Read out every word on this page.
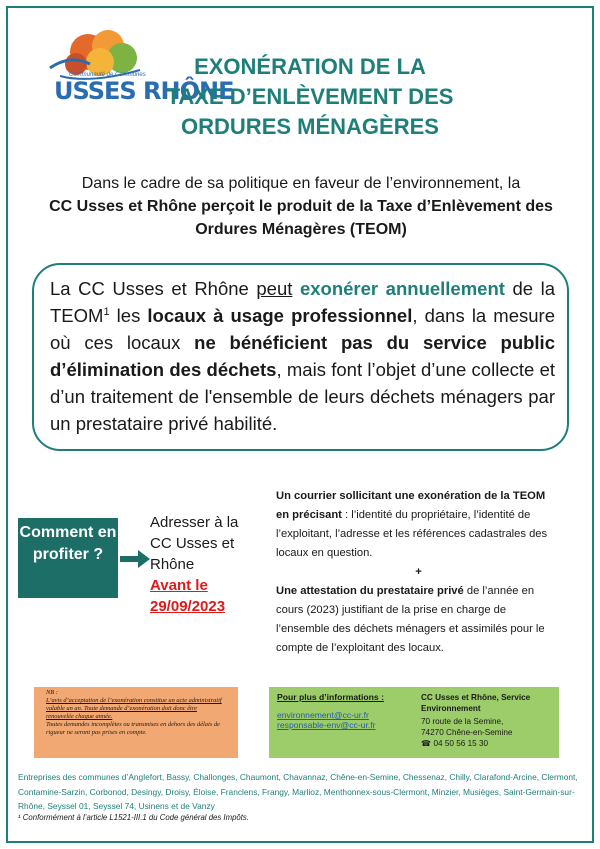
Communauté de Communes
USSES RHÔNE
EXONÉRATION DE LA
TAXE D’ENLÈVEMENT DES
ORDURES MÉNAGÈRES
Dans le cadre de sa politique en faveur de l’environnement, la
CC Usses et Rhône perçoit le produit de la Taxe d’Enlèvement des Ordures Ménagères (TEOM)

La CC Usses et Rhône peut exonérer annuellement de la TEOM$^1$ les locaux à usage professionnel, dans la mesure où ces locaux ne bénéficient pas du service public d’élimination des déchets, mais font l’objet d’une collecte et d’un traitement de l'ensemble de leurs déchets ménagers par un prestataire privé habilité.

Comment en profiter ?
Adresser à la CC Usses et Rhône
Avant le
29/09/2023
Un courrier sollicitant une exonération de la TEOM en précisant : l’identité du propriétaire, l’identité de l’exploitant, l’adresse et les références cadastrales des locaux en question.
+
Une attestation du prestataire privé de l’année en cours (2023) justifiant de la prise en charge de l’ensemble des déchets ménagers et assimilés pour le compte de l’exploitant des locaux.
NB :
L’avis d’acceptation de l’exonération constitue un acte administratif valable un an. Toute demande d’exonération doit donc être renouvelée chaque année.
Toutes demandes incomplètes ou transmises en dehors des délais de rigueur ne seront pas prises en compte.
Pour plus d’informations :
environnement@cc-ur.fr
responsable-env@cc-ur.fr
CC Usses et Rhône, Service Environnement
70 route de la Semine,
74270 Chêne-en-Semine
☎ 04 50 56 15 30
Entreprises des communes d’Anglefort, Bassy, Challonges, Chaumont, Chavannaz, Chêne-en-Semine, Chessenaz, Chilly, Clarafond-Arcine, Clermont, Contamine-Sarzin, Corbonod, Desingy, Droisy, Éloise, Franclens, Frangy, Marlioz, Menthonnex-sous-Clermont, Minzier, Musièges, Saint-Germain-sur-Rhône, Seyssel 01, Seyssel 74, Usinens et de Vanzy
¹ Conformément à l’article L1521-III.1 du Code général des Impôts.
